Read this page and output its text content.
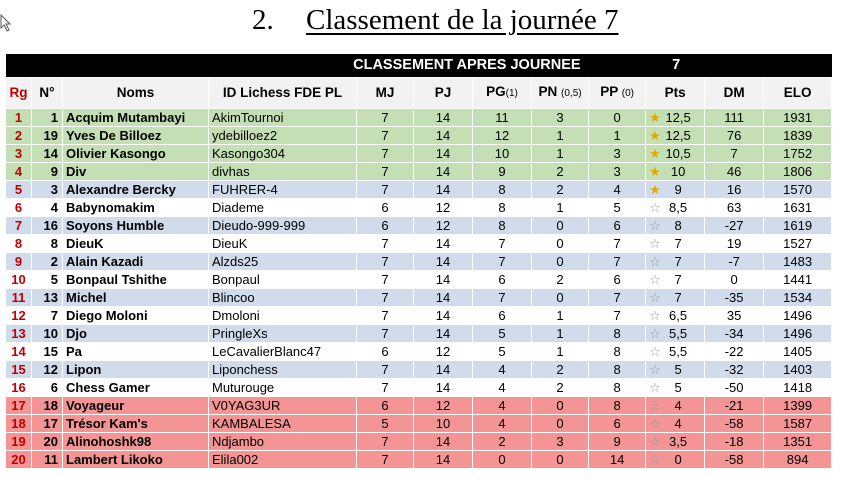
2. Classement de la journée 7
CLASSEMENT APRES JOURNEE								7			
Rg	N°	Noms	ID Lichess FDE PL	MJ	PJ	PG(1)	PN (0,5)	PP (0)	Pts	DM	ELO
1	1	Acquim Mutambayi	AkimTournoi	7	14	11	3	0	★ 12,5	111	1931
2	19	Yves De Billoez	ydebilloez2	7	14	12	1	1	★ 12,5	76	1839
3	14	Olivier Kasongo	Kasongo304	7	14	10	1	3	★ 10,5	7	1752
4	9	Div	divhas	7	14	9	2	3	★ 10	46	1806
5	3	Alexandre Bercky	FUHRER-4	7	14	8	2	4	★ 9	16	1570
6	4	Babynomakim	Diademe	6	12	8	1	5	☆ 8,5	63	1631
7	16	Soyons Humble	Dieudo-999-999	6	12	8	0	6	☆ 8	-27	1619
8	8	DieuK	DieuK	7	14	7	0	7	☆ 7	19	1527
9	2	Alain Kazadi	Alzds25	7	14	7	0	7	☆ 7	-7	1483
10	5	Bonpaul Tshithe	Bonpaul	7	14	6	2	6	☆ 7	0	1441
11	13	Michel	Blincoo	7	14	7	0	7	☆ 7	-35	1534
12	7	Diego Moloni	Dmoloni	7	14	6	1	7	☆ 6,5	35	1496
13	10	Djo	PringleXs	7	14	5	1	8	☆ 5,5	-34	1496
14	15	Pa	LeCavalierBlanc47	6	12	5	1	8	☆ 5,5	-22	1405
15	12	Lipon	Liponchess	7	14	4	2	8	☆ 5	-32	1403
16	6	Chess Gamer	Muturouge	7	14	4	2	8	☆ 5	-50	1418
17	18	Voyageur	V0YAG3UR	6	12	4	0	8	☆ 4	-21	1399
18	17	Trésor Kam's	KAMBALESA	5	10	4	0	6	☆ 4	-58	1587
19	20	Alinohoshk98	Ndjambo	7	14	2	3	9	☆ 3,5	-18	1351
20	11	Lambert Likoko	Elila002	7	14	0	0	14	☆ 0	-58	894
